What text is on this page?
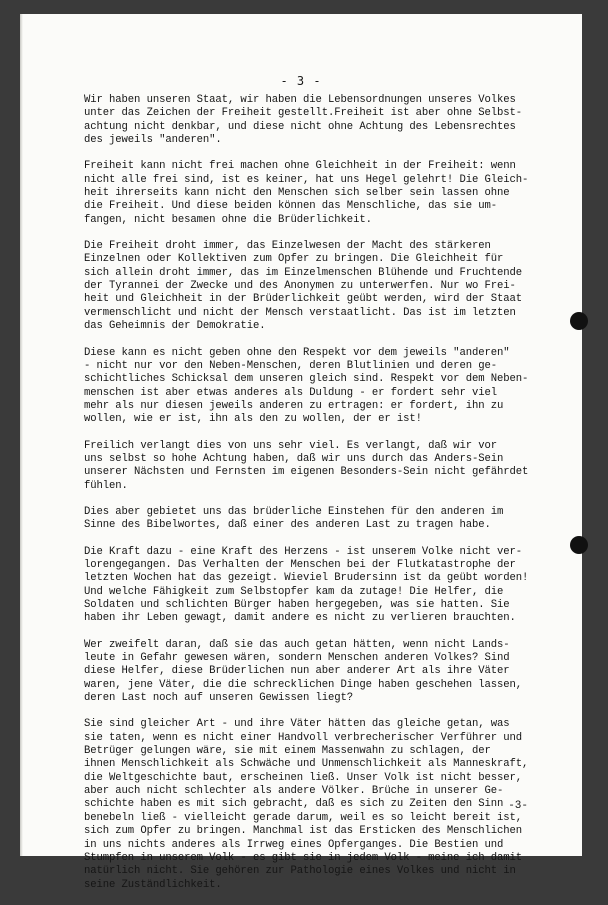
- 3 -

Wir haben unseren Staat, wir haben die Lebensordnungen unseres Volkes
unter das Zeichen der Freiheit gestellt.Freiheit ist aber ohne Selbst-
achtung nicht denkbar, und diese nicht ohne Achtung des Lebensrechtes
des jeweils "anderen".

Freiheit kann nicht frei machen ohne Gleichheit in der Freiheit: wenn
nicht alle frei sind, ist es keiner, hat uns Hegel gelehrt! Die Gleich-
heit ihrerseits kann nicht den Menschen sich selber sein lassen ohne
die Freiheit. Und diese beiden können das Menschliche, das sie um-
fangen, nicht besamen ohne die Brüderlichkeit.

Die Freiheit droht immer, das Einzelwesen der Macht des stärkeren
Einzelnen oder Kollektiven zum Opfer zu bringen. Die Gleichheit für
sich allein droht immer, das im Einzelmenschen Blühende und Fruchtende
der Tyrannei der Zwecke und des Anonymen zu unterwerfen. Nur wo Frei-
heit und Gleichheit in der Brüderlichkeit geübt werden, wird der Staat
vermenschlicht und nicht der Mensch verstaatlicht. Das ist im letzten
das Geheimnis der Demokratie.

Diese kann es nicht geben ohne den Respekt vor dem jeweils "anderen"
- nicht nur vor den Neben-Menschen, deren Blutlinien und deren ge-
schichtliches Schicksal dem unseren gleich sind. Respekt vor dem Neben-
menschen ist aber etwas anderes als Duldung - er fordert sehr viel
mehr als nur diesen jeweils anderen zu ertragen: er fordert, ihn zu
wollen, wie er ist, ihn als den zu wollen, der er ist!

Freilich verlangt dies von uns sehr viel. Es verlangt, daß wir vor
uns selbst so hohe Achtung haben, daß wir uns durch das Anders-Sein
unserer Nächsten und Fernsten im eigenen Besonders-Sein nicht gefährdet
fühlen.

Dies aber gebietet uns das brüderliche Einstehen für den anderen im
Sinne des Bibelwortes, daß einer des anderen Last zu tragen habe.

Die Kraft dazu - eine Kraft des Herzens - ist unserem Volke nicht ver-
lorengegangen. Das Verhalten der Menschen bei der Flutkatastrophe der
letzten Wochen hat das gezeigt. Wieviel Brudersinn ist da geübt worden!
Und welche Fähigkeit zum Selbstopfer kam da zutage! Die Helfer, die
Soldaten und schlichten Bürger haben hergegeben, was sie hatten. Sie
haben ihr Leben gewagt, damit andere es nicht zu verlieren brauchten.

Wer zweifelt daran, daß sie das auch getan hätten, wenn nicht Lands-
leute in Gefahr gewesen wären, sondern Menschen anderen Volkes? Sind
diese Helfer, diese Brüderlichen nun aber anderer Art als ihre Väter
waren, jene Väter, die die schrecklichen Dinge haben geschehen lassen,
deren Last noch auf unseren Gewissen liegt?

Sie sind gleicher Art - und ihre Väter hätten das gleiche getan, was
sie taten, wenn es nicht einer Handvoll verbrecherischer Verführer und
Betrüger gelungen wäre, sie mit einem Massenwahn zu schlagen, der
ihnen Menschlichkeit als Schwäche und Unmenschlichkeit als Manneskraft,
die Weltgeschichte baut, erscheinen ließ. Unser Volk ist nicht besser,
aber auch nicht schlechter als andere Völker. Brüche in unserer Ge-
schichte haben es mit sich gebracht, daß es sich zu Zeiten den Sinn
benebeln ließ - vielleicht gerade darum, weil es so leicht bereit ist,
sich zum Opfer zu bringen. Manchmal ist das Ersticken des Menschlichen
in uns nichts anderes als Irrweg eines Opferganges. Die Bestien und
Stumpfen in unserem Volk - es gibt sie in jedem Volk - meine ich damit
natürlich nicht. Sie gehören zur Pathologie eines Volkes und nicht in
seine Zuständlichkeit.

-3-
